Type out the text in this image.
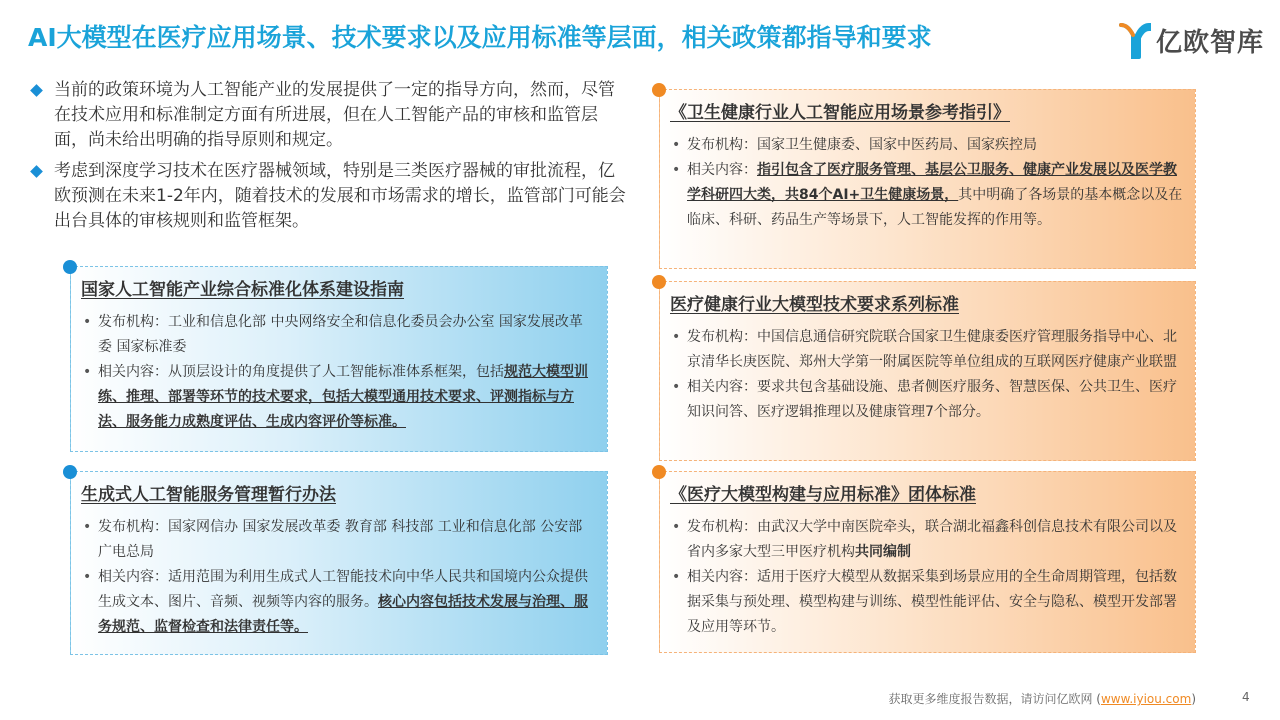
AI大模型在医疗应用场景、技术要求以及应用标准等层面，相关政策都指导和要求	亿欧智库
当前的政策环境为人工智能产业的发展提供了一定的指导方向，然而，尽管在技术应用和标准制定方面有所进展，但在人工智能产品的审核和监管层面，尚未给出明确的指导原则和规定。
考虑到深度学习技术在医疗器械领域，特别是三类医疗器械的审批流程，亿欧预测在未来1-2年内，随着技术的发展和市场需求的增长，监管部门可能会出台具体的审核规则和监管框架。
国家人工智能产业综合标准化体系建设指南
• 发布机构：工业和信息化部 中央网络安全和信息化委员会办公室 国家发展改革委 国家标准委
• 相关内容：从顶层设计的角度提供了人工智能标准体系框架，包括规范大模型训练、推理、部署等环节的技术要求，包括大模型通用技术要求、评测指标与方法、服务能力成熟度评估、生成内容评价等标准。
生成式人工智能服务管理暂行办法
• 发布机构：国家网信办 国家发展改革委 教育部 科技部 工业和信息化部 公安部 广电总局
• 相关内容：适用范围为利用生成式人工智能技术向中华人民共和国境内公众提供生成文本、图片、音频、视频等内容的服务。核心内容包括技术发展与治理、服务规范、监督检查和法律责任等。
《卫生健康行业人工智能应用场景参考指引》
• 发布机构：国家卫生健康委、国家中医药局、国家疾控局
• 相关内容：指引包含了医疗服务管理、基层公卫服务、健康产业发展以及医学教学科研四大类，共84个AI+卫生健康场景，其中明确了各场景的基本概念以及在临床、科研、药品生产等场景下，人工智能发挥的作用等。
医疗健康行业大模型技术要求系列标准
• 发布机构：中国信息通信研究院联合国家卫生健康委医疗管理服务指导中心、北京清华长庚医院、郑州大学第一附属医院等单位组成的互联网医疗健康产业联盟
• 相关内容：要求共包含基础设施、患者侧医疗服务、智慧医保、公共卫生、医疗知识问答、医疗逻辑推理以及健康管理7个部分。
《医疗大模型构建与应用标准》团体标准
• 发布机构：由武汉大学中南医院牵头，联合湖北福鑫科创信息技术有限公司以及省内多家大型三甲医疗机构共同编制
• 相关内容：适用于医疗大模型从数据采集到场景应用的全生命周期管理，包括数据采集与预处理、模型构建与训练、模型性能评估、安全与隐私、模型开发部署及应用等环节。
获取更多维度报告数据，请访问亿欧网 (www.iyiou.com)	4
